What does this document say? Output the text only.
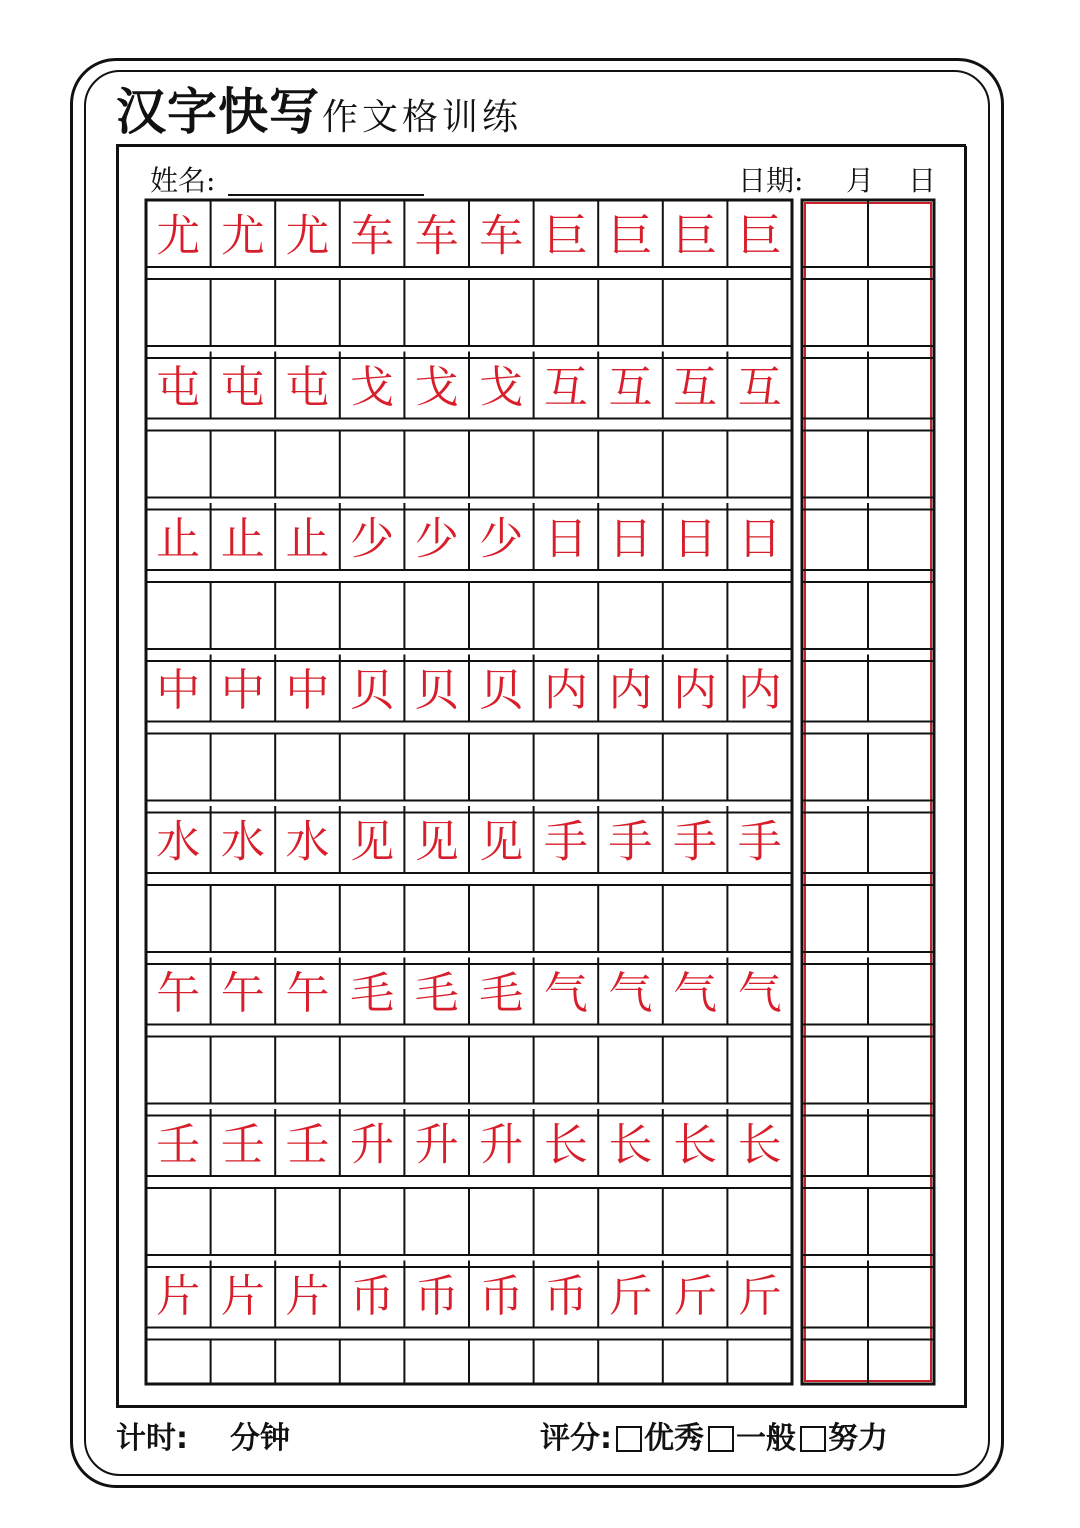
汉字快写 作文格训练
姓名:	日期: 月 日
尤 尤 尤 车 车 车 巨 巨 巨 巨
屯 屯 屯 戈 戈 戈 互 互 互 互
止 止 止 少 少 少 日 日 日 日
中 中 中 贝 贝 贝 内 内 内 内
水 水 水 见 见 见 手 手 手 手
午 午 午 毛 毛 毛 气 气 气 气
壬 壬 壬 升 升 升 长 长 长 长
片 片 片 币 币 币 币 斤 斤 斤
计时: 分钟	评分: 优秀 一般 努力
